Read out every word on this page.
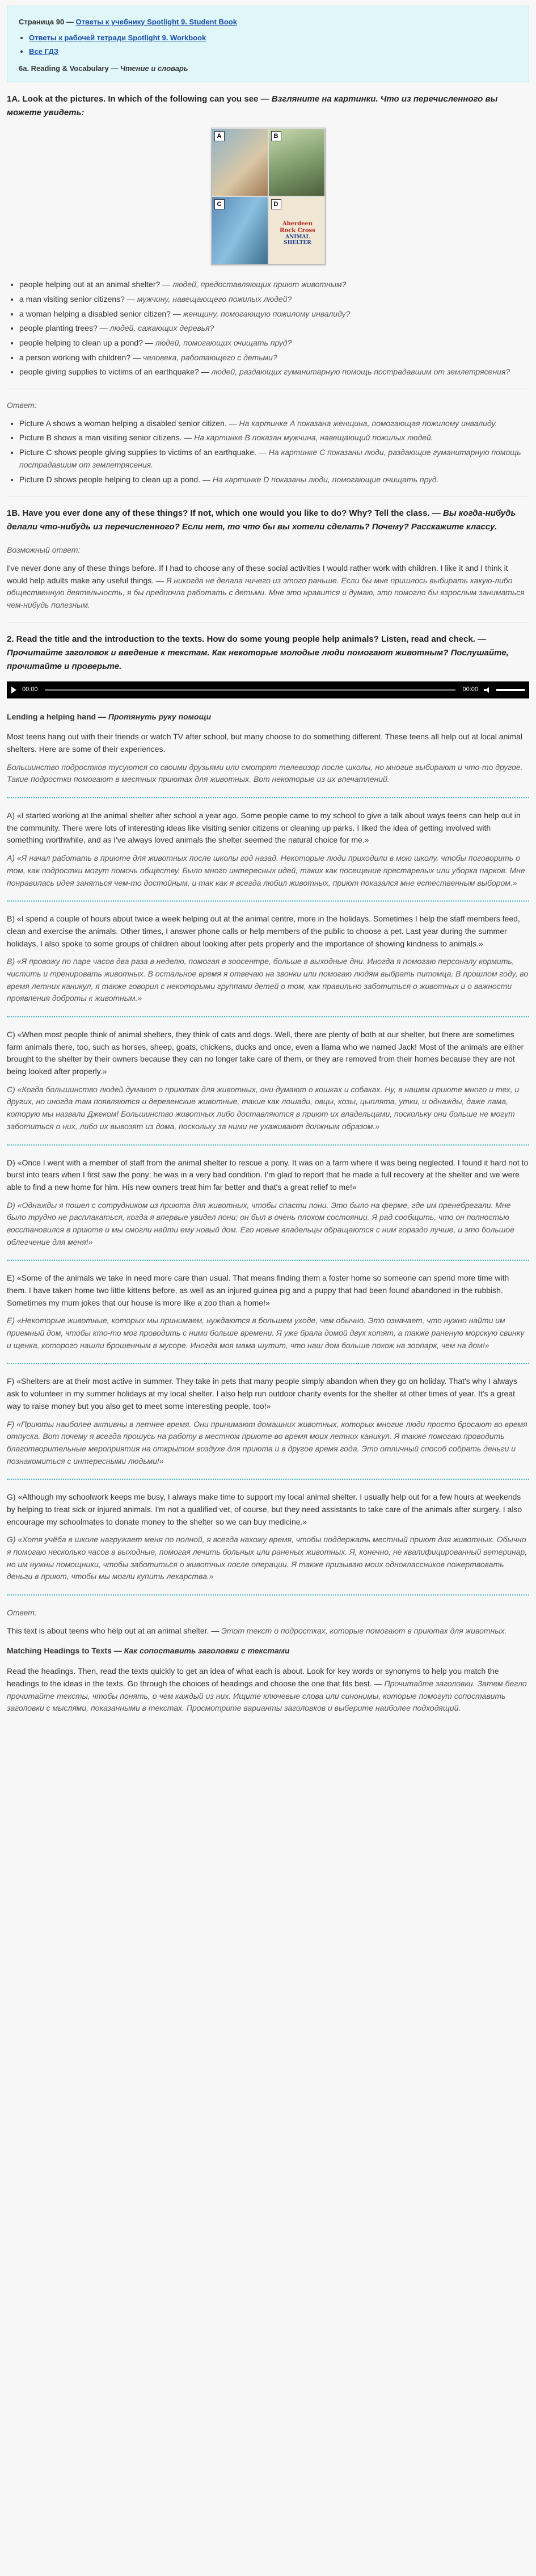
Страница 90 — Ответы к учебнику Spotlight 9. Student Book
• Ответы к рабочей тетради Spotlight 9. Workbook
• Все ГДЗ
6a. Reading & Vocabulary — Чтение и словарь
1A. Look at the pictures. In which of the following can you see — Взгляните на картинки. Что из перечисленного вы можете увидеть:
A	B
C	D
Aberdeen Rock Cross
ANIMAL SHELTER
• people helping out at an animal shelter? — людей, предоставляющих приют животным?
• a man visiting senior citizens? — мужчину, навещающего пожилых людей?
• a woman helping a disabled senior citizen? — женщину, помогающую пожилому инвалиду?
• people planting trees? — людей, сажающих деревья?
• people helping to clean up a pond? — людей, помогающих очищать пруд?
• a person working with children? — человека, работающего с детьми?
• people giving supplies to victims of an earthquake? — людей, раздающих гуманитарную помощь пострадавшим от землетрясения?
Ответ:
• Picture A shows a woman helping a disabled senior citizen. — На картинке А показана женщина, помогающая пожилому инвалиду.
• Picture B shows a man visiting senior citizens. — На картинке В показан мужчина, навещающий пожилых людей.
• Picture C shows people giving supplies to victims of an earthquake. — На картинке С показаны люди, раздающие гуманитарную помощь пострадавшим от землетрясения.
• Picture D shows people helping to clean up a pond. — На картинке D показаны люди, помогающие очищать пруд.
1B. Have you ever done any of these things? If not, which one would you like to do? Why? Tell the class. — Вы когда-нибудь делали что-нибудь из перечисленного? Если нет, то что бы вы хотели сделать? Почему? Расскажите классу.
Возможный ответ:

I've never done any of these things before. If I had to choose any of these social activities I would rather work with children. I like it and I think it would help adults make any useful things. — Я никогда не делала ничего из этого раньше. Если бы мне пришлось выбирать какую-либо общественную деятельность, я бы предпочла работать с детьми. Мне это нравится и думаю, это помогло бы взрослым заниматься чем-нибудь полезным.

2. Read the title and the introduction to the texts. How do some young people help animals? Listen, read and check. — Прочитайте заголовок и введение к текстам. Как некоторые молодые люди помогают животным? Послушайте, прочитайте и проверьте.
00:00	00:00
Lending a helping hand — Протянуть руку помощи

Most teens hang out with their friends or watch TV after school, but many choose to do something different. These teens all help out at local animal shelters. Here are some of their experiences.

Большинство подростков тусуются со своими друзьями или смотрят телевизор после школы, но многие выбирают и что-то другое. Такие подростки помогают в местных приютах для животных. Вот некоторые из их впечатлений.

A) «I started working at the animal shelter after school a year ago. Some people came to my school to give a talk about ways teens can help out in the community. There were lots of interesting ideas like visiting senior citizens or cleaning up parks. I liked the idea of getting involved with something worthwhile, and as I've always loved animals the shelter seemed the natural choice for me.»

A) «Я начал работать в приюте для животных после школы год назад. Некоторые люди приходили в мою школу, чтобы поговорить о том, как подростки могут помочь обществу. Было много интересных идей, таких как посещение престарелых или уборка парков. Мне понравилась идея заняться чем-то достойным, и так как я всегда любил животных, приют показался мне естественным выбором.»

B) «I spend a couple of hours about twice a week helping out at the animal centre, more in the holidays. Sometimes I help the staff members feed, clean and exercise the animals. Other times, I answer phone calls or help members of the public to choose a pet. Last year during the summer holidays, I also spoke to some groups of children about looking after pets properly and the importance of showing kindness to animals.»

B) «Я провожу по паре часов два раза в неделю, помогая в зоocентре, больше в выходные дни. Иногда я помогаю персоналу кормить, чистить и тренировать животных. В остальное время я отвечаю на звонки или помогаю людям выбрать питомца. В прошлом году, во время летних каникул, я также говорил с некоторыми группами детей о том, как правильно заботиться о животных и о важности проявления доброты к животным.»

C) «When most people think of animal shelters, they think of cats and dogs. Well, there are plenty of both at our shelter, but there are sometimes farm animals there, too, such as horses, sheep, goats, chickens, ducks and once, even a llama who we named Jack! Most of the animals are either brought to the shelter by their owners because they can no longer take care of them, or they are removed from their homes because they are not being looked after properly.»

C) «Когда большинство людей думают о приютах для животных, они думают о кошках и собаках. Ну, в нашем приюте много и тех, и других, но иногда там появляются и деревенские животные, такие как лошади, овцы, козы, цыплята, утки, и однажды, даже лама, которую мы назвали Джеком! Большинство животных либо доставляются в приют их владельцами, поскольку они больше не могут заботиться о них, либо их вывозят из дома, поскольку за ними не ухаживают должным образом.»

D) «Once I went with a member of staff from the animal shelter to rescue a pony. It was on a farm where it was being neglected. I found it hard not to burst into tears when I first saw the pony; he was in a very bad condition. I'm glad to report that he made a full recovery at the shelter and we were able to find a new home for him. His new owners treat him far better and that's a great relief to me!»

D) «Однажды я пошел с сотрудником из приюта для животных, чтобы спасти пони. Это было на ферме, где им пренебрегали. Мне было трудно не расплакаться, когда я впервые увидел пони; он был в очень плохом состоянии. Я рад сообщить, что он полностью восстановился в приюте и мы смогли найти ему новый дом. Его новые владельцы обращаются с ним гораздо лучше, и это большое облегчение для меня!»

E) «Some of the animals we take in need more care than usual. That means finding them a foster home so someone can spend more time with them. I have taken home two little kittens before, as well as an injured guinea pig and a puppy that had been found abandoned in the rubbish. Sometimes my mum jokes that our house is more like a zoo than a home!»

E) «Некоторые животные, которых мы принимаем, нуждаются в большем уходе, чем обычно. Это означает, что нужно найти им приемный дом, чтобы кто-то мог проводить с ними больше времени. Я уже брала домой двух котят, а также раненую морскую свинку и щенка, которого нашли брошенным в мусоре. Иногда моя мама шутит, что наш дом больше похож на зоопарк, чем на дом!»

F) «Shelters are at their most active in summer. They take in pets that many people simply abandon when they go on holiday. That's why I always ask to volunteer in my summer holidays at my local shelter. I also help run outdoor charity events for the shelter at other times of year. It's a great way to raise money but you also get to meet some interesting people, too!»

F) «Приюты наиболее активны в летнее время. Они принимают домашних животных, которых многие люди просто бросают во время отпуска. Вот почему я всегда прошусь на работу в местном приюте во время моих летних каникул. Я также помогаю проводить благотворительные мероприятия на открытом воздухе для приюта и в другое время года. Это отличный способ собрать деньги и познакомиться с интересными людьми!»

G) «Although my schoolwork keeps me busy, I always make time to support my local animal shelter. I usually help out for a few hours at weekends by helping to treat sick or injured animals. I'm not a qualified vet, of course, but they need assistants to take care of the animals after surgery. I also encourage my schoolmates to donate money to the shelter so we can buy medicine.»

G) «Хотя учёба в школе нагружает меня по полной, я всегда нахожу время, чтобы поддержать местный приют для животных. Обычно я помогаю несколько часов в выходные, помогая лечить больных или раненых животных. Я, конечно, не квалифицированный ветеринар, но им нужны помощники, чтобы заботиться о животных после операции. Я также призываю моих одноклассников пожертвовать деньги в приют, чтобы мы могли купить лекарства.»

Ответ:

This text is about teens who help out at an animal shelter. — Этот текст о подростках, которые помогают в приютах для животных.

Matching Headings to Texts — Как сопоставить заголовки с текстами

Read the headings. Then, read the texts quickly to get an idea of what each is about. Look for key words or synonyms to help you match the headings to the ideas in the texts. Go through the choices of headings and choose the one that fits best. — Прочитайте заголовки. Затем бегло прочитайте тексты, чтобы понять, о чем каждый из них. Ищите ключевые слова или синонимы, которые помогут сопоставить заголовки с мыслями, показанными в текстах. Просмотрите варианты заголовков и выберите наиболее подходящий.
